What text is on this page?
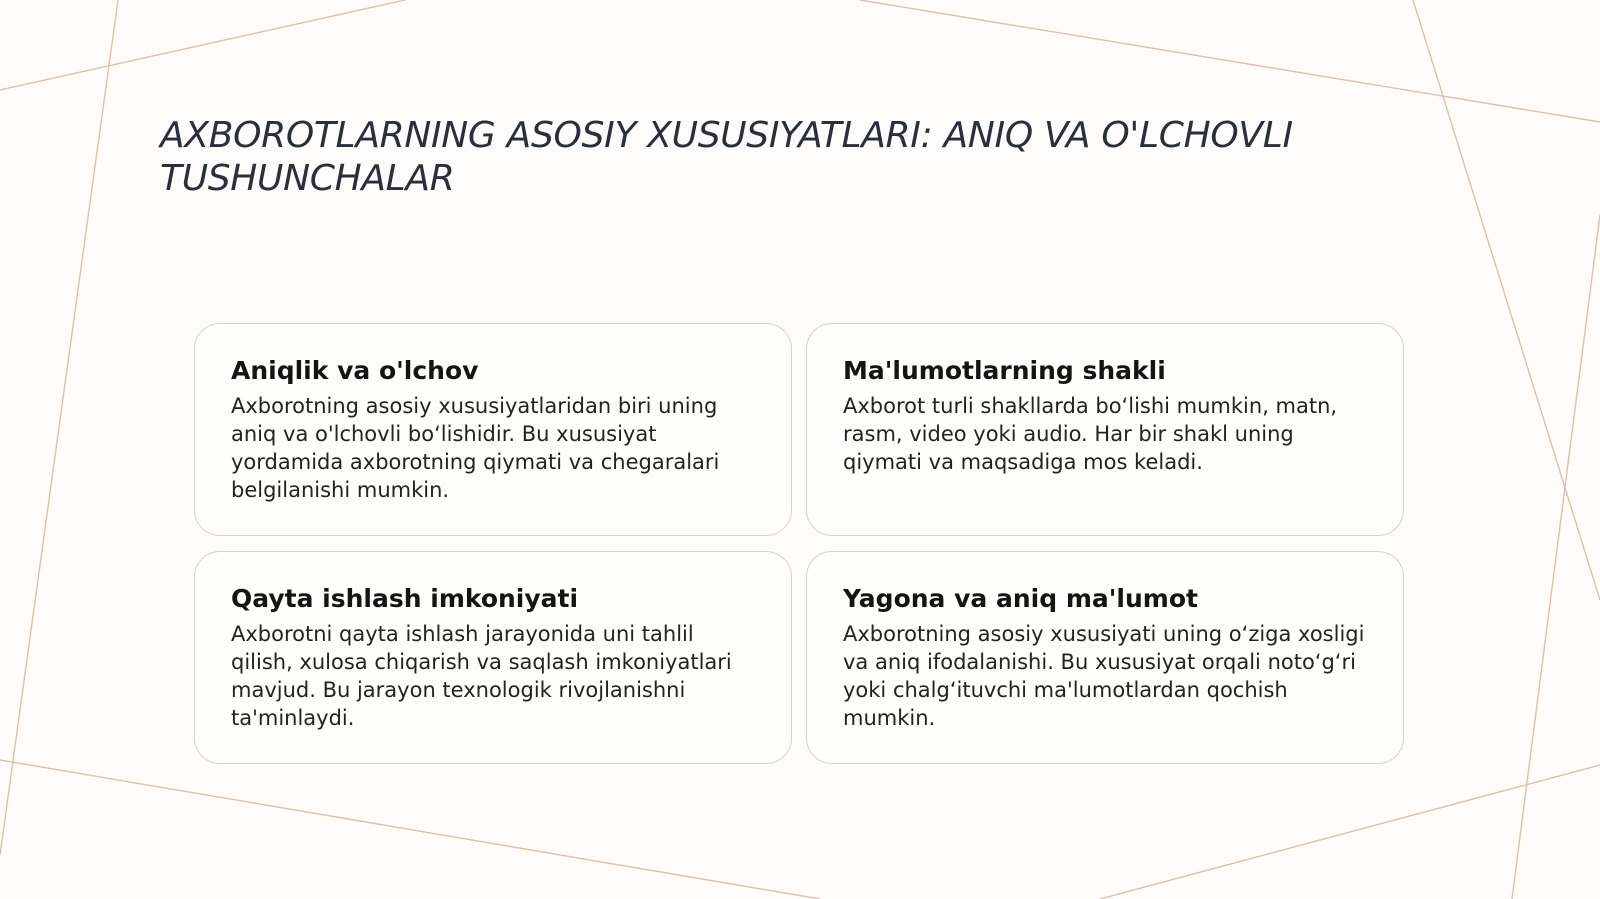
AXBOROTLARNING ASOSIY XUSUSIYATLARI: ANIQ VA O'LCHOVLI TUSHUNCHALAR
Aniqlik va o'lchov

Axborotning asosiy xususiyatlaridan biri uning aniq va o'lchovli bo‘lishidir. Bu xususiyat yordamida axborotning qiymati va chegaralari belgilanishi mumkin.

Ma'lumotlarning shakli

Axborot turli shakllarda bo‘lishi mumkin, matn, rasm, video yoki audio. Har bir shakl uning qiymati va maqsadiga mos keladi.

Qayta ishlash imkoniyati

Axborotni qayta ishlash jarayonida uni tahlil qilish, xulosa chiqarish va saqlash imkoniyatlari mavjud. Bu jarayon texnologik rivojlanishni ta'minlaydi.

Yagona va aniq ma'lumot

Axborotning asosiy xususiyati uning o‘ziga xosligi va aniq ifodalanishi. Bu xususiyat orqali noto‘g‘ri yoki chalg‘ituvchi ma'lumotlardan qochish mumkin.
